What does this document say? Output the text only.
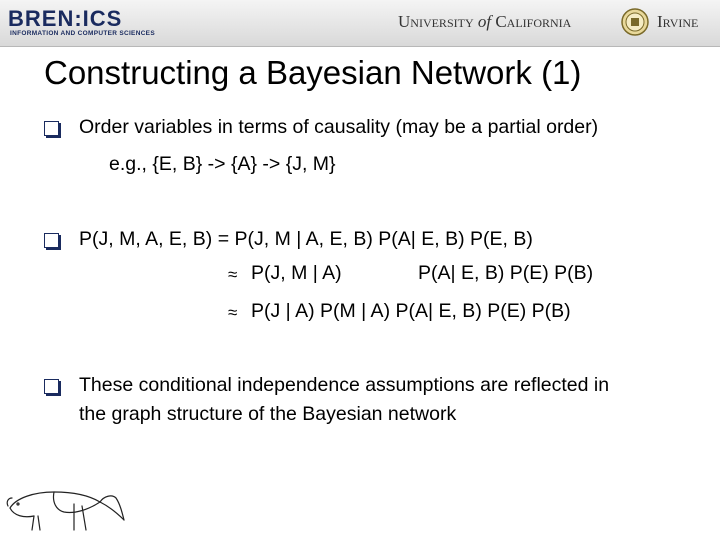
BREN:ICS
INFORMATION AND COMPUTER SCIENCES
University of California	Irvine
Constructing a Bayesian Network (1)
Order variables in terms of causality (may be a partial order)
e.g., {E, B} -> {A} -> {J, M}
P(J, M, A, E, B) = P(J, M | A, E, B) P(A| E, B) P(E, B)
≈ P(J, M | A)	P(A| E, B) P(E) P(B)
≈ P(J | A) P(M | A) P(A| E, B) P(E) P(B)
These conditional independence assumptions are reflected in
the graph structure of the Bayesian network
